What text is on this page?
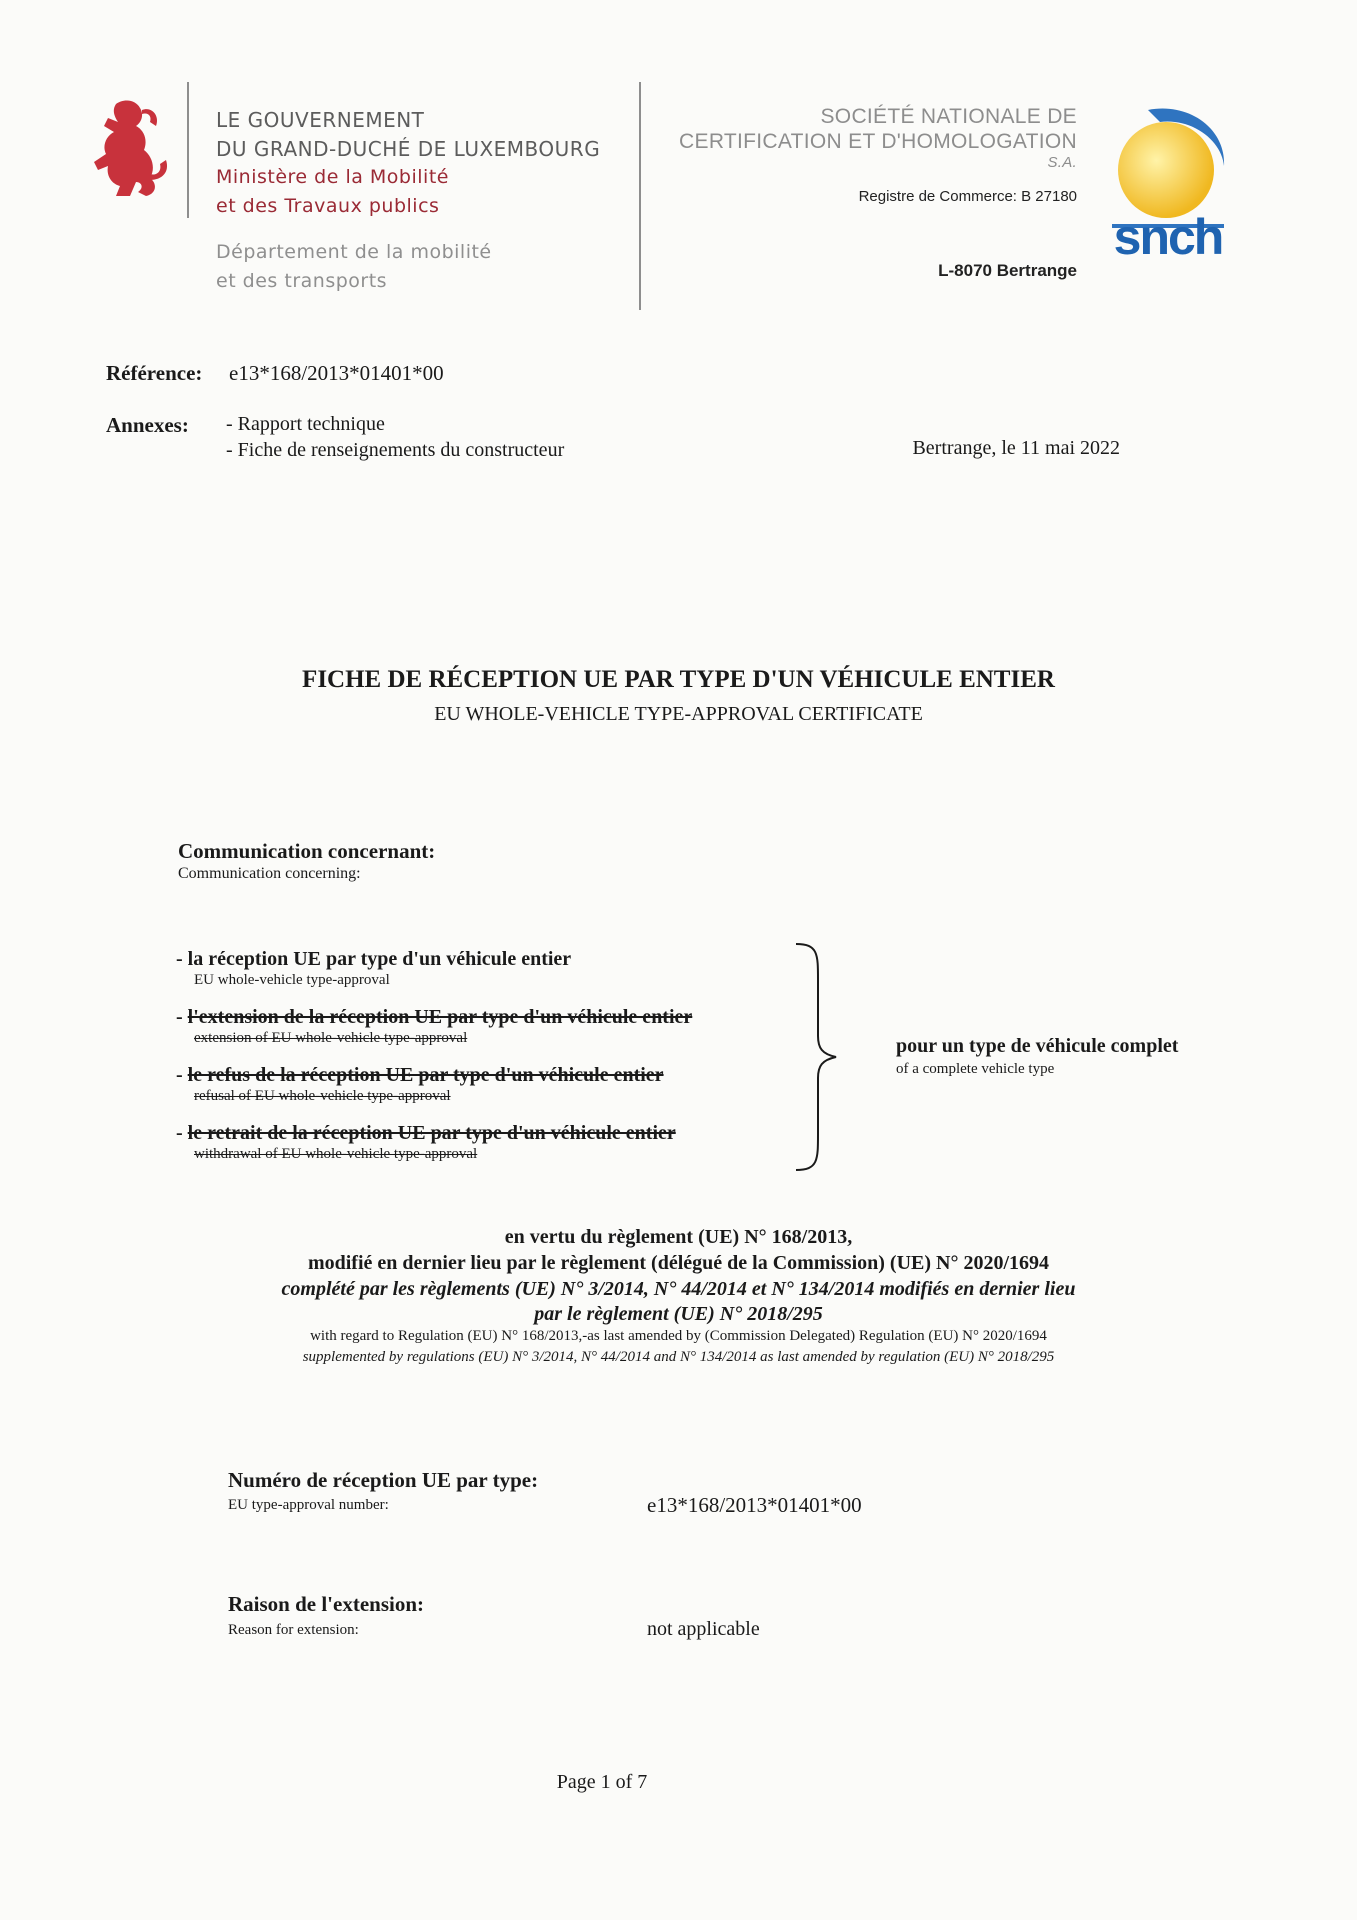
LE GOUVERNEMENT
DU GRAND-DUCHÉ DE LUXEMBOURG
Ministère de la Mobilité
et des Travaux publics
Département de la mobilité
et des transports
SOCIÉTÉ NATIONALE DE
CERTIFICATION ET D'HOMOLOGATION
S.A.
Registre de Commerce: B 27180
L-8070 Bertrange
snch
Référence: e13*168/2013*01401*00
Annexes: - Rapport technique
- Fiche de renseignements du constructeur	Bertrange, le 11 mai 2022
FICHE DE RÉCEPTION UE PAR TYPE D'UN VÉHICULE ENTIER
EU WHOLE-VEHICLE TYPE-APPROVAL CERTIFICATE
Communication concernant:
Communication concerning:
- la réception UE par type d'un véhicule entier
EU whole-vehicle type-approval
- l'extension de la réception UE par type d'un véhicule entier
extension of EU whole-vehicle type-approval
- le refus de la réception UE par type d'un véhicule entier
refusal of EU whole-vehicle type-approval
- le retrait de la réception UE par type d'un véhicule entier
withdrawal of EU whole-vehicle type-approval
pour un type de véhicule complet
of a complete vehicle type
en vertu du règlement (UE) N° 168/2013,
modifié en dernier lieu par le règlement (délégué de la Commission) (UE) N° 2020/1694
complété par les règlements (UE) N° 3/2014, N° 44/2014 et N° 134/2014 modifiés en dernier lieu
par le règlement (UE) N° 2018/295
with regard to Regulation (EU) N° 168/2013,-as last amended by (Commission Delegated) Regulation (EU) N° 2020/1694
supplemented by regulations (EU) N° 3/2014, N° 44/2014 and N° 134/2014 as last amended by regulation (EU) N° 2018/295
Numéro de réception UE par type:
EU type-approval number:	e13*168/2013*01401*00
Raison de l'extension:
Reason for extension:	not applicable
Page 1 of 7
